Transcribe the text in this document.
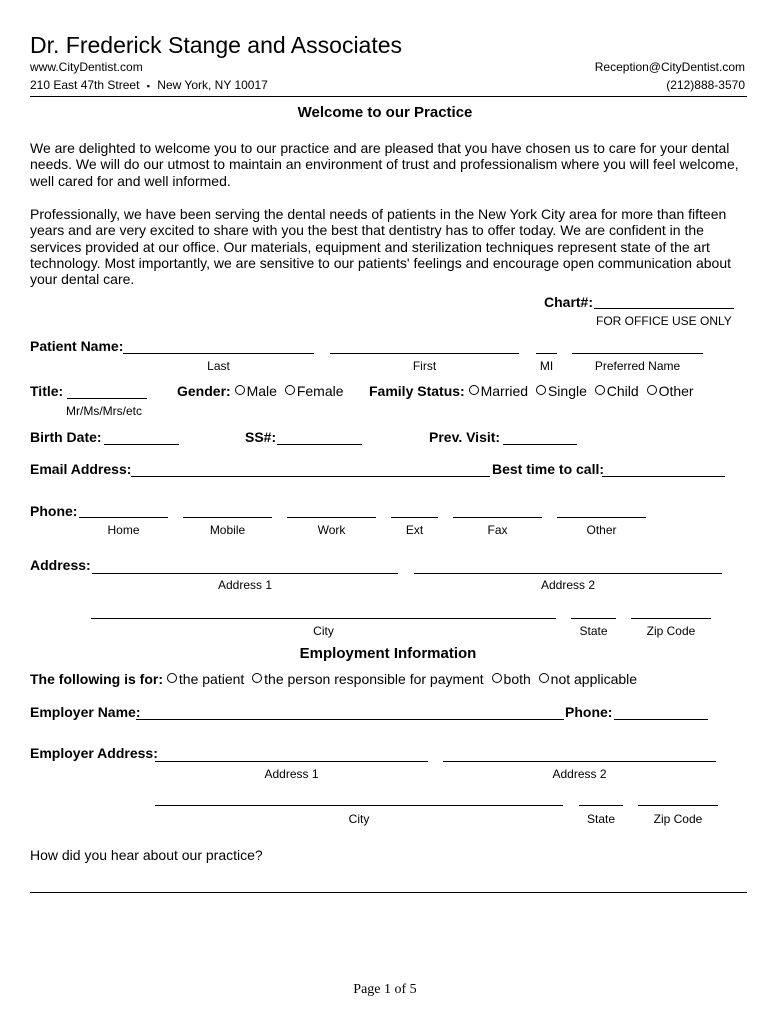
Dr. Frederick Stange and Associates
www.CityDentist.com	Reception@CityDentist.com
210 East 47th Street ▪ New York, NY 10017	(212)888-3570
Welcome to our Practice
We are delighted to welcome you to our practice and are pleased that you have chosen us to care for your dental needs. We will do our utmost to maintain an environment of trust and professionalism where you will feel welcome, well cared for and well informed.
Professionally, we have been serving the dental needs of patients in the New York City area for more than fifteen years and are very excited to share with you the best that dentistry has to offer today. We are confident in the services provided at our office. Our materials, equipment and sterilization techniques represent state of the art technology. Most importantly, we are sensitive to our patients' feelings and encourage open communication about your dental care.
Chart#:
FOR OFFICE USE ONLY
Patient Name:
Last	First	MI	Preferred Name
Title:
Mr/Ms/Mrs/etc
Gender: Male Female Family Status: Married Single Child Other
Birth Date:	SS#:	Prev. Visit:
Email Address:	Best time to call:
Phone:
Home	Mobile	Work	Ext	Fax	Other
Address:
Address 1	Address 2
City	State	Zip Code
Employment Information
The following is for: the patient the person responsible for payment both not applicable
Employer Name:	Phone:
Employer Address:
Address 1	Address 2
City	State	Zip Code
How did you hear about our practice?
Page 1 of 5
